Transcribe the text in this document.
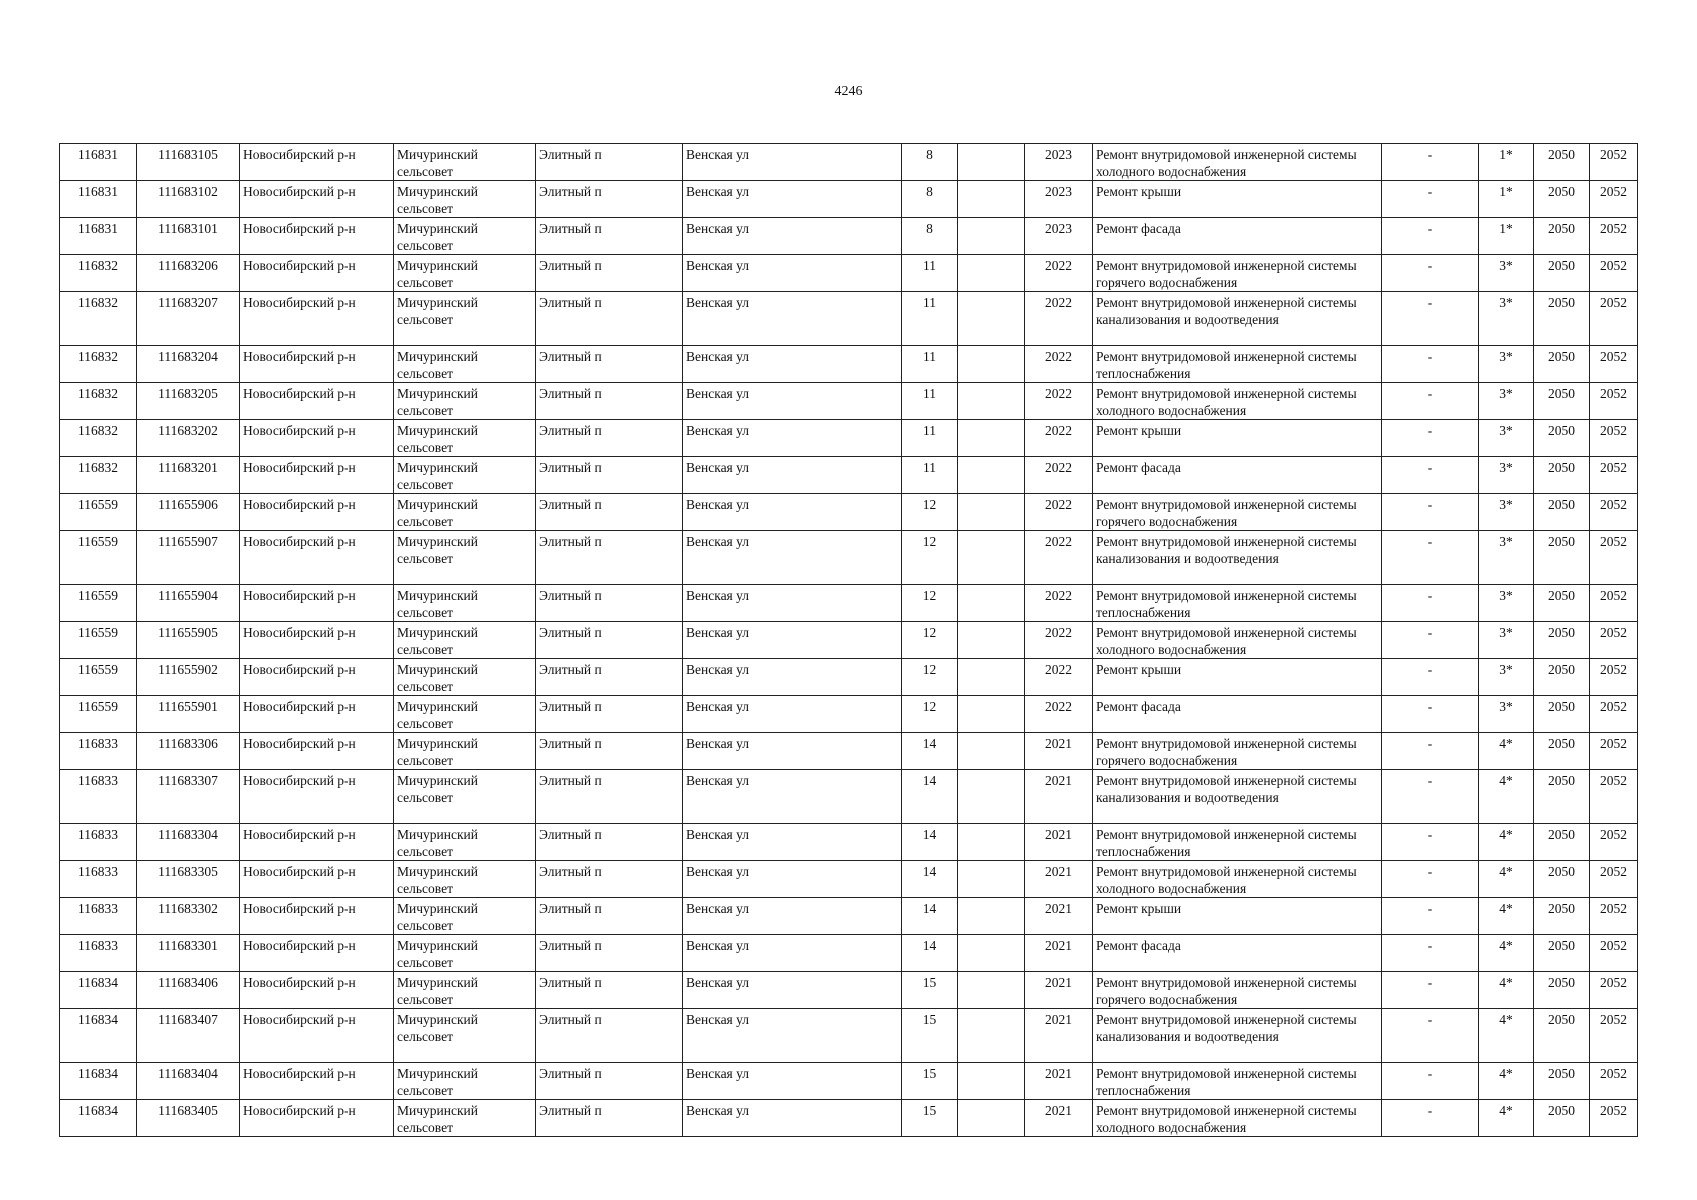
4246
116831	111683105	Новосибирский р-н	Мичуринский сельсовет	Элитный п	Венская ул	8		2023	Ремонт внутридомовой инженерной системы холодного водоснабжения	-	1*	2050	2052
116831	111683102	Новосибирский р-н	Мичуринский сельсовет	Элитный п	Венская ул	8		2023	Ремонт крыши	-	1*	2050	2052
116831	111683101	Новосибирский р-н	Мичуринский сельсовет	Элитный п	Венская ул	8		2023	Ремонт фасада	-	1*	2050	2052
116832	111683206	Новосибирский р-н	Мичуринский сельсовет	Элитный п	Венская ул	11		2022	Ремонт внутридомовой инженерной системы горячего водоснабжения	-	3*	2050	2052
116832	111683207	Новосибирский р-н	Мичуринский сельсовет	Элитный п	Венская ул	11		2022	Ремонт внутридомовой инженерной системы канализования и водоотведения	-	3*	2050	2052
116832	111683204	Новосибирский р-н	Мичуринский сельсовет	Элитный п	Венская ул	11		2022	Ремонт внутридомовой инженерной системы теплоснабжения	-	3*	2050	2052
116832	111683205	Новосибирский р-н	Мичуринский сельсовет	Элитный п	Венская ул	11		2022	Ремонт внутридомовой инженерной системы холодного водоснабжения	-	3*	2050	2052
116832	111683202	Новосибирский р-н	Мичуринский сельсовет	Элитный п	Венская ул	11		2022	Ремонт крыши	-	3*	2050	2052
116832	111683201	Новосибирский р-н	Мичуринский сельсовет	Элитный п	Венская ул	11		2022	Ремонт фасада	-	3*	2050	2052
116559	111655906	Новосибирский р-н	Мичуринский сельсовет	Элитный п	Венская ул	12		2022	Ремонт внутридомовой инженерной системы горячего водоснабжения	-	3*	2050	2052
116559	111655907	Новосибирский р-н	Мичуринский сельсовет	Элитный п	Венская ул	12		2022	Ремонт внутридомовой инженерной системы канализования и водоотведения	-	3*	2050	2052
116559	111655904	Новосибирский р-н	Мичуринский сельсовет	Элитный п	Венская ул	12		2022	Ремонт внутридомовой инженерной системы теплоснабжения	-	3*	2050	2052
116559	111655905	Новосибирский р-н	Мичуринский сельсовет	Элитный п	Венская ул	12		2022	Ремонт внутридомовой инженерной системы холодного водоснабжения	-	3*	2050	2052
116559	111655902	Новосибирский р-н	Мичуринский сельсовет	Элитный п	Венская ул	12		2022	Ремонт крыши	-	3*	2050	2052
116559	111655901	Новосибирский р-н	Мичуринский сельсовет	Элитный п	Венская ул	12		2022	Ремонт фасада	-	3*	2050	2052
116833	111683306	Новосибирский р-н	Мичуринский сельсовет	Элитный п	Венская ул	14		2021	Ремонт внутридомовой инженерной системы горячего водоснабжения	-	4*	2050	2052
116833	111683307	Новосибирский р-н	Мичуринский сельсовет	Элитный п	Венская ул	14		2021	Ремонт внутридомовой инженерной системы канализования и водоотведения	-	4*	2050	2052
116833	111683304	Новосибирский р-н	Мичуринский сельсовет	Элитный п	Венская ул	14		2021	Ремонт внутридомовой инженерной системы теплоснабжения	-	4*	2050	2052
116833	111683305	Новосибирский р-н	Мичуринский сельсовет	Элитный п	Венская ул	14		2021	Ремонт внутридомовой инженерной системы холодного водоснабжения	-	4*	2050	2052
116833	111683302	Новосибирский р-н	Мичуринский сельсовет	Элитный п	Венская ул	14		2021	Ремонт крыши	-	4*	2050	2052
116833	111683301	Новосибирский р-н	Мичуринский сельсовет	Элитный п	Венская ул	14		2021	Ремонт фасада	-	4*	2050	2052
116834	111683406	Новосибирский р-н	Мичуринский сельсовет	Элитный п	Венская ул	15		2021	Ремонт внутридомовой инженерной системы горячего водоснабжения	-	4*	2050	2052
116834	111683407	Новосибирский р-н	Мичуринский сельсовет	Элитный п	Венская ул	15		2021	Ремонт внутридомовой инженерной системы канализования и водоотведения	-	4*	2050	2052
116834	111683404	Новосибирский р-н	Мичуринский сельсовет	Элитный п	Венская ул	15		2021	Ремонт внутридомовой инженерной системы теплоснабжения	-	4*	2050	2052
116834	111683405	Новосибирский р-н	Мичуринский сельсовет	Элитный п	Венская ул	15		2021	Ремонт внутридомовой инженерной системы холодного водоснабжения	-	4*	2050	2052
